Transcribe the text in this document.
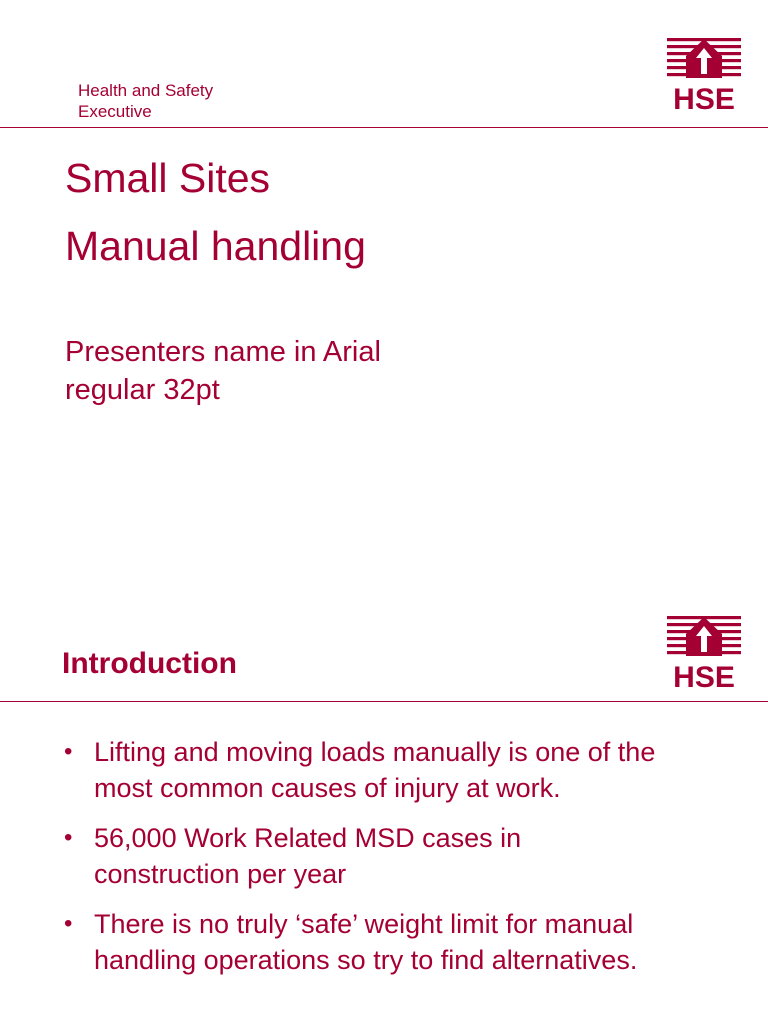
Health and Safety
Executive	HSE
Small Sites
Manual handling
Presenters name in Arial
regular 32pt
Introduction	HSE
• Lifting and moving loads manually is one of the most common causes of injury at work.
• 56,000 Work Related MSD cases in construction per year
• There is no truly ‘safe’ weight limit for manual handling operations so try to find alternatives.
